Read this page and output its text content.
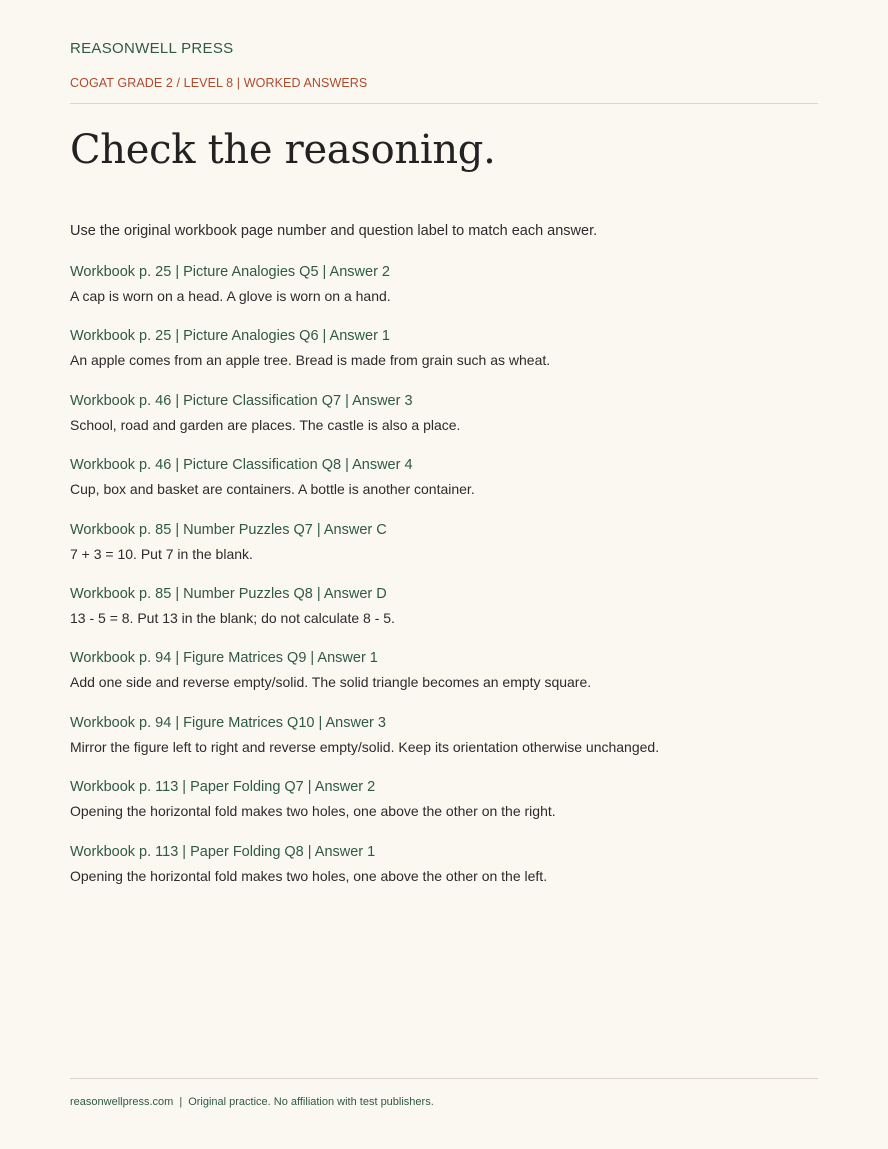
REASONWELL PRESS
COGAT GRADE 2 / LEVEL 8 | WORKED ANSWERS
Check the reasoning.

Use the original workbook page number and question label to match each answer.

Workbook p. 25 | Picture Analogies Q5 | Answer 2
A cap is worn on a head. A glove is worn on a hand.
Workbook p. 25 | Picture Analogies Q6 | Answer 1
An apple comes from an apple tree. Bread is made from grain such as wheat.
Workbook p. 46 | Picture Classification Q7 | Answer 3
School, road and garden are places. The castle is also a place.
Workbook p. 46 | Picture Classification Q8 | Answer 4
Cup, box and basket are containers. A bottle is another container.
Workbook p. 85 | Number Puzzles Q7 | Answer C
7 + 3 = 10. Put 7 in the blank.
Workbook p. 85 | Number Puzzles Q8 | Answer D
13 - 5 = 8. Put 13 in the blank; do not calculate 8 - 5.
Workbook p. 94 | Figure Matrices Q9 | Answer 1
Add one side and reverse empty/solid. The solid triangle becomes an empty square.
Workbook p. 94 | Figure Matrices Q10 | Answer 3
Mirror the figure left to right and reverse empty/solid. Keep its orientation otherwise unchanged.
Workbook p. 113 | Paper Folding Q7 | Answer 2
Opening the horizontal fold makes two holes, one above the other on the right.
Workbook p. 113 | Paper Folding Q8 | Answer 1
Opening the horizontal fold makes two holes, one above the other on the left.
reasonwellpress.com | Original practice. No affiliation with test publishers.
